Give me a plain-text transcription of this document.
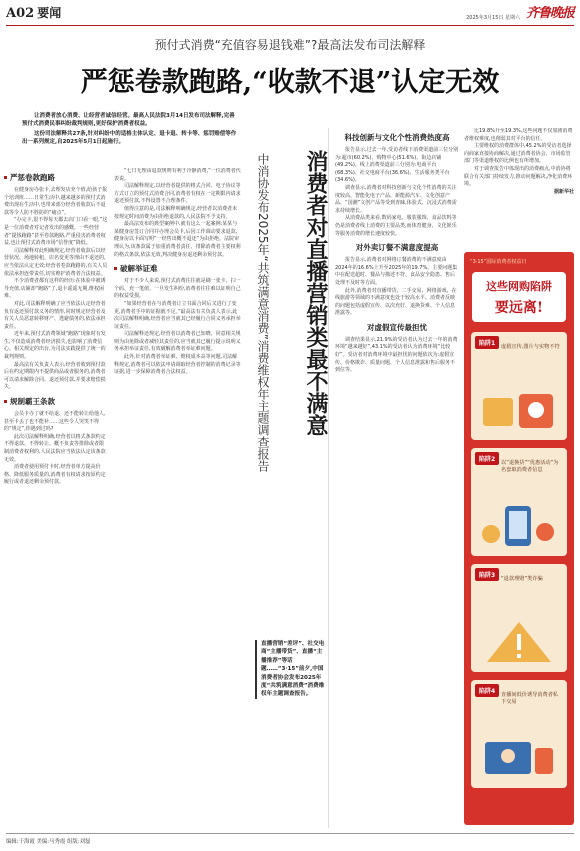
A02 要闻	2025年3月15日 星期六 齐鲁晚报
预付式消费“充值容易退钱难”?最高法发布司法解释
严惩卷款跑路,“收款不退”认定无效

让消费者放心消费、让经营者诚信经营。最高人民法院3月14日发布司法解释,完善预付式消费民事纠纷裁判规则,更好保护消费者权益。

这份司法解释共27条,针对纠纷中的适格主体认定、退卡退、转卡等、惩罚赔偿等作出一系列规定,自2025年5月1日起施行。

严惩卷款跑路

在健身房办张卡,去理发店充个值,给孩子报个培训班……日常生活中,越来越多的预付式消费出现在生活中,也带来部分经营者收款后不退款等令人防不胜防的“痛点”。

“办完卡,很不得每天都去店门口看一眼,”这是一位消费者对记者发出的感慨。一些经营者“提钱跑路”甚至卷款跑路,严重侵害消费者权益,也让预付式消费市场“信誉度”降低。

司法解释对此明确规定,经营者收款后以经营状况、场地转租、店名变更等理由不退还的,应当依法认定无效;经营者卷款跑路的,有关人员依法承担连带责任,切实维护消费者合法权益。

不少消费者都有这样的经历:在体验中被诱导充值,店铺却“跑路”了,退卡遥遥无期,维权困难。

对此,司法解释明确了应当依法认定经营者负有返还预付款义务的情形,同时规定经营者及有关人员恶意转移财产、逃避债务的,依法承担责任。

近年来,预付式消费领域“跑路”现象时有发生,不仅造成消费者经济损失,也影响了消费信心。相关规定的出台,为司法实践提供了统一的裁判规则。

最高法有关负责人表示,经营者收到预付款后在约定期限内不提供商品或者服务的,消费者可以请求解除合同、退还预付款,并要求赔偿损失。

规制霸王条款

会员卡办了就不给退、还不能转让给他人,甚至卡丢了也不能补……这些令人哭笑不得的“规定”,你遇到过吗?

此次司法解释明确,经营者以格式条款约定不得退款、不得转让、概不负责等排除或者限制消费者权利的,人民法院应当依法认定该条款无效。

消费者使用预付卡时,经营者单方提高价格、降低服务质量的,消费者有权请求按原约定履行或者退还剩余预付款。

“七日无理由退款规则有利于冷静消费,”一位消费者代表说。

司法解释规定,以经营者提供的格式合同、电子协议等方式订立的预付式消费合同,消费者有权在一定期限内请求退还预付款,不得设置不合理条件。

值得注意的是,司法解释明确规定,经营者以消费者未按规定时间消费为由拒绝退款的,人民法院不予支持。

最高法发布的典型案例中,就有这么一起案例:某某与某健身房签订合同并办理会员卡,后因工作调动要求退款,健身房以卡面写明“一经售出概不退还”为由拒绝。法院审理认为,该条款属于加重消费者责任、排除消费者主要权利的格式条款,依法无效,判决健身房退还剩余预付款。

破解举证难

对于不少人来说,预付式消费往往就是刷一张卡、扫一个码、充一笔值。一旦发生纠纷,消费者往往难以证明自己的权益受损。

“如果经营者在与消费者订立书面合同后又进行了变更,消费者手中的证据就不足。”最高法有关负责人表示,此次司法解释明确,经营者应当就其已经履行合同义务承担举证责任。

司法解释还规定,经营者以消费者已知晓、同意相关规则为由免除或者减轻其责任的,应当就其已履行提示说明义务承担举证责任,有效破解消费者举证难问题。

此外,针对消费者举证难、维权成本高等问题,司法解释规定,消费者可以依法申请调取经营者控制的消费记录等证据,进一步保障消费者合法权益。	消费者对直播营销类最不满意
中消协发布2025年“共筑满意消费”消费维权年主题调查报告
直播营销“差评”、社交电商“主播带货”、直播“主播推荐”等话题……“3·15”前夕,中国消费者协会发布2025年度“共筑满意消费”消费维权年主题调查报告。
科技创新与文化个性消费热度高

报告显示,过去一年,受访者线下消费渠道前三位分别为:超市(60.2%)、购物中心(51.6%)、街边店铺(49.2%)。线上消费渠道前三分别为:电商平台(68.3%)、社交电商平台(36.6%)、生活服务类平台(34.6%)。

调查显示,消费者对科技创新与文化个性消费的关注度较高。智能化电子产品、新能源汽车、文化创意产品、“国潮”文创产品等受到青睐,体验式、沉浸式消费需求持续增长。

从消费品类来看,数码家电、服装服饰、食品饮料等仍是消费者线上消费的主要品类,而体育健身、文化娱乐等服务消费的增长速度较快。

对外卖订餐不满意度提高

报告显示,消费者对网络订餐消费的不满意度由2024年的16.6%上升至2025年的19.7%。主要问题集中在配送超时、餐品与描述不符、食品安全隐患、售后处理不及时等方面。

此外,消费者对直播带货、二手交易、网络游戏、在线旅游等领域的不满意度也处于较高水平。消费者反映的问题包括虚假宣传、以次充好、退换货难、个人信息泄露等。

对虚假宣传最担忧

调查结果显示,21.9%的受访者认为过去一年的消费环境“越来越好”,43.1%的受访者认为消费环境“比较好”。受访者对消费环境中最担忧的问题依次为:虚假宣传、价格欺诈、质量问题、个人信息泄露和售后服务不到位等。

比19.8%升至19.3%,这些问题不仅加剧消费者维权难度,也削弱其对平台的信任。

主要维权的消费群体中,45.2%的受访者选择向商家直接协商解决,通过消费者协会、市场监管部门等渠道维权的比例也有所增加。

对于调查报告中体现出的消费痛点,中消协将联合有关部门持续发力,推动问题解决,净化消费环境。

据新华社

“3·15”国际消费者权益日
这些网购陷阱
要远离!
陷阱1	虚假宣传,图片与实物不符
陷阱2	以“退换货”“优惠活动”为名套取消费者信息
陷阱3	“退款理赔”类诈骗
陷阱4	直播间低价诱导消费者私下交易
编辑:于海霞 美编:马秀霞 组版:刘磊
